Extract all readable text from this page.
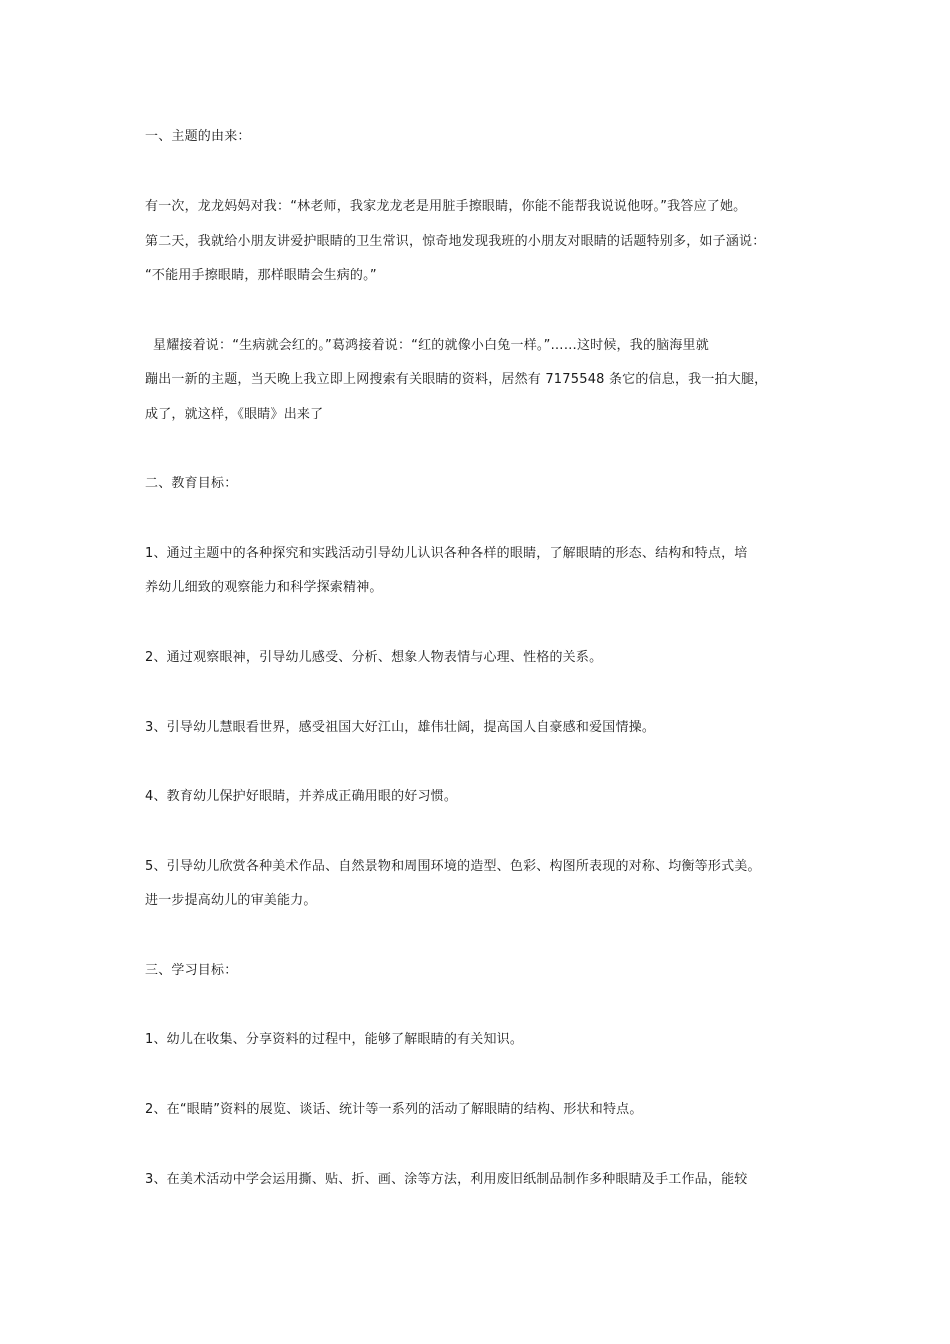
一、主题的由来：
有一次，龙龙妈妈对我：“林老师，我家龙龙老是用脏手擦眼睛，你能不能帮我说说他呀。”我答应了她。
第二天，我就给小朋友讲爱护眼睛的卫生常识，惊奇地发现我班的小朋友对眼睛的话题特别多，如子涵说：
“不能用手擦眼睛，那样眼睛会生病的。”
星耀接着说：“生病就会红的。”葛鸿接着说：“红的就像小白兔一样。”……这时候，我的脑海里就
蹦出一新的主题，当天晚上我立即上网搜索有关眼睛的资料，居然有 7175548 条它的信息，我一拍大腿，
成了，就这样，《眼睛》出来了
二、教育目标：
1、通过主题中的各种探究和实践活动引导幼儿认识各种各样的眼睛，了解眼睛的形态、结构和特点，培
养幼儿细致的观察能力和科学探索精神。
2、通过观察眼神，引导幼儿感受、分析、想象人物表情与心理、性格的关系。
3、引导幼儿慧眼看世界，感受祖国大好江山，雄伟壮阔，提高国人自豪感和爱国情操。
4、教育幼儿保护好眼睛，并养成正确用眼的好习惯。
5、引导幼儿欣赏各种美术作品、自然景物和周围环境的造型、色彩、构图所表现的对称、均衡等形式美。
进一步提高幼儿的审美能力。
三、学习目标：
1、幼儿在收集、分享资料的过程中，能够了解眼睛的有关知识。
2、在“眼睛”资料的展览、谈话、统计等一系列的活动了解眼睛的结构、形状和特点。
3、在美术活动中学会运用撕、贴、折、画、涂等方法，利用废旧纸制品制作多种眼睛及手工作品，能较
